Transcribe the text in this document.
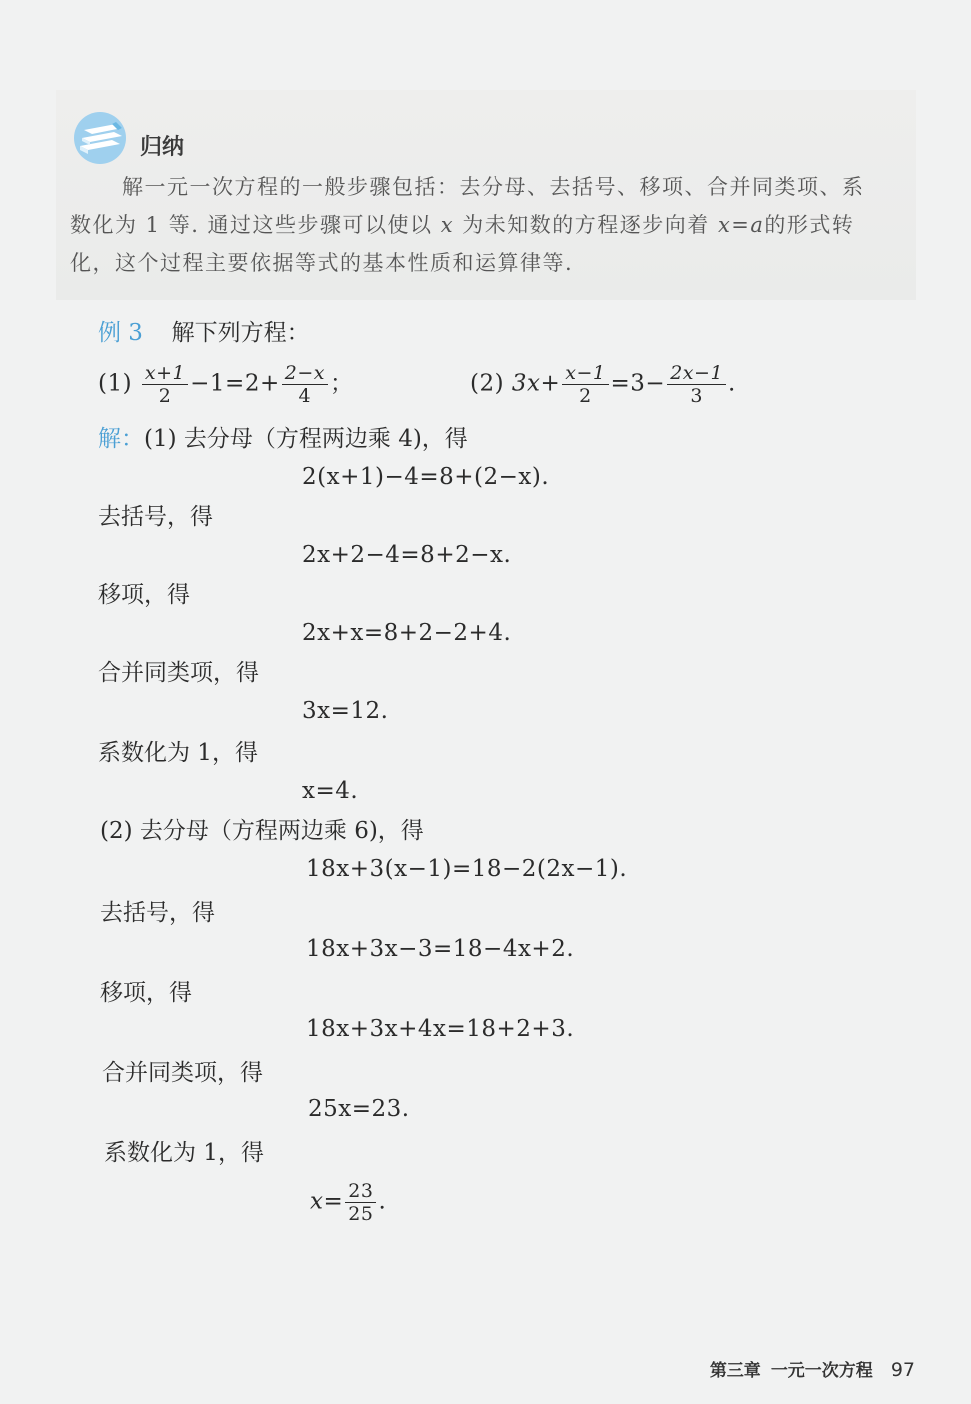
归纳
解一元一次方程的一般步骤包括：去分母、去括号、移项、合并同类项、系数化为 1 等. 通过这些步骤可以使以 x 为未知数的方程逐步向着 x=a的形式转化，这个过程主要依据等式的基本性质和运算律等.
例 3 解下列方程：
$(1) \frac{x+1}{2} -1=2+ \frac{2-x}{4}$ ；	(2) $3x+ \frac{x-1}{2} =3- \frac{2x-1}{3}$ .
解：(1) 去分母（方程两边乘 4)，得
2(x+1)−4=8+(2−x).
去括号，得
2x+2−4=8+2−x.
移项，得
2x+x=8+2−2+4.
合并同类项，得
3x=12.
系数化为 1，得
x=4.
(2) 去分母（方程两边乘 6)，得
18x+3(x−1)=18−2(2x−1).
去括号，得
18x+3x−3=18−4x+2.
移项，得
18x+3x+4x=18+2+3.
合并同类项，得
25x=23.
系数化为 1，得
$x= \frac{23}{25}$ .
第三章 一元一次方程 97
